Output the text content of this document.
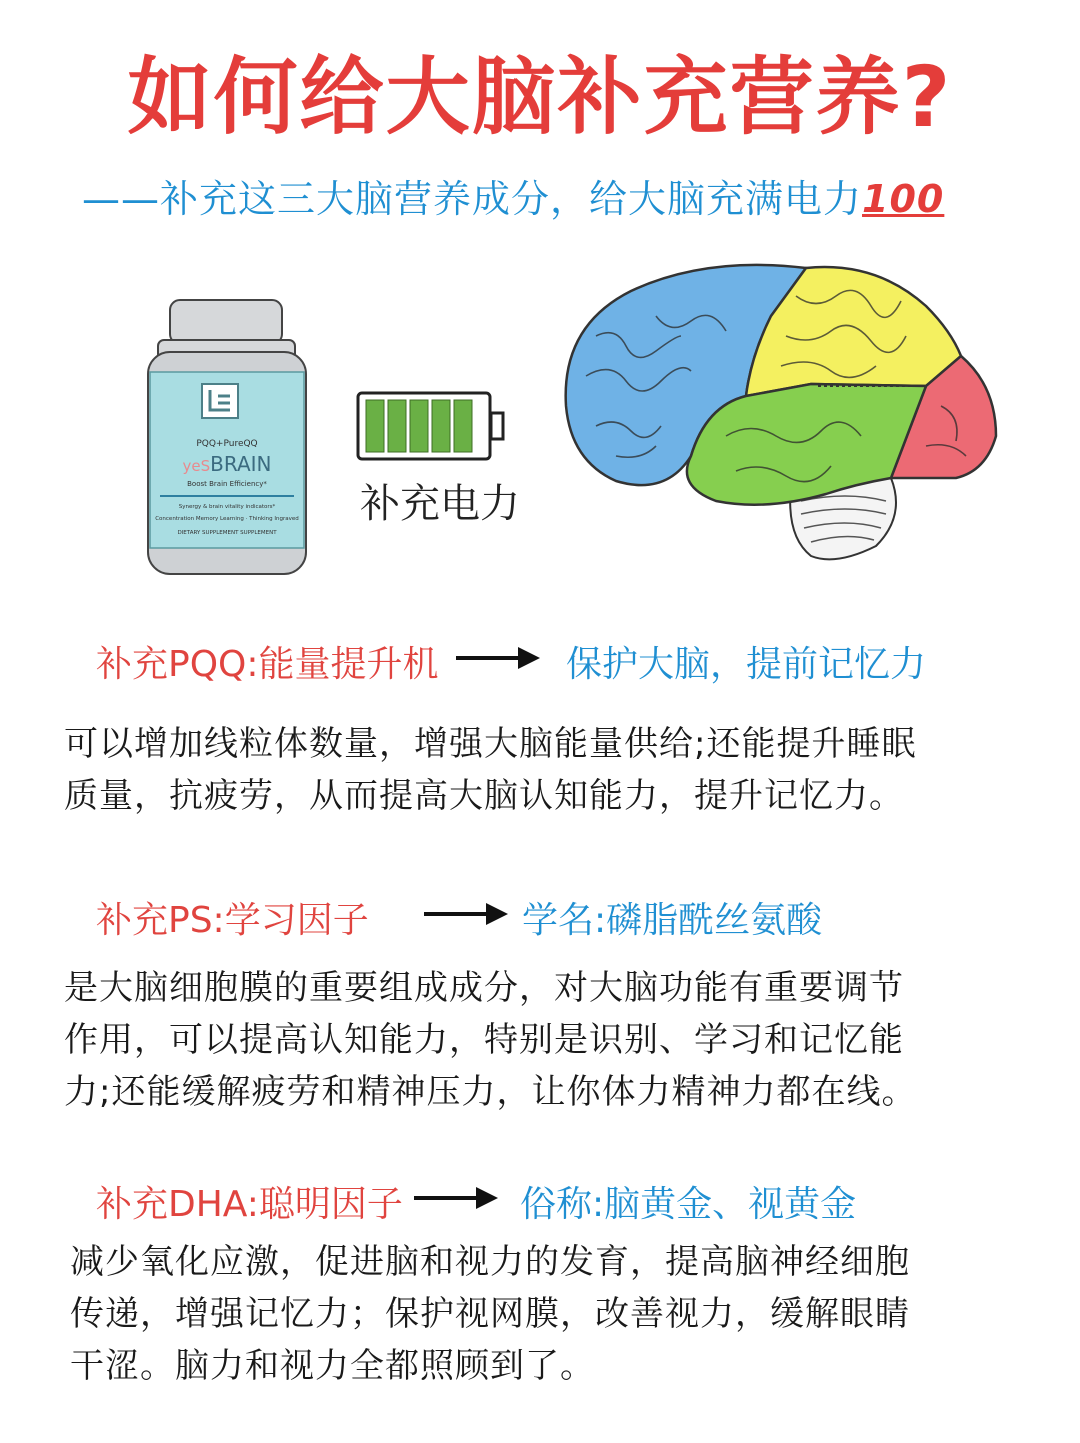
如何给大脑补充营养?
——补充这三大脑营养成分，给大脑充满电力100
PQQ+PureQQ
yeSBRAIN
Boost Brain Efficiency*
Synergy & brain vitality indicators*
Concentration Memory Learning · Thinking Ingraved
DIETARY SUPPLEMENT SUPPLEMENT
补充电力
补充PQQ:能量提升机	保护大脑，提前记忆力
可以增加线粒体数量，增强大脑能量供给;还能提升睡眠
质量，抗疲劳，从而提高大脑认知能力，提升记忆力。
补充PS:学习因子	学名:磷脂酰丝氨酸
是大脑细胞膜的重要组成成分，对大脑功能有重要调节
作用，可以提高认知能力，特别是识别、学习和记忆能
力;还能缓解疲劳和精神压力，让你体力精神力都在线。
补充DHA:聪明因子	俗称:脑黄金、视黄金
减少氧化应激，促进脑和视力的发育，提高脑神经细胞
传递，增强记忆力；保护视网膜，改善视力，缓解眼睛
干涩。脑力和视力全都照顾到了。
